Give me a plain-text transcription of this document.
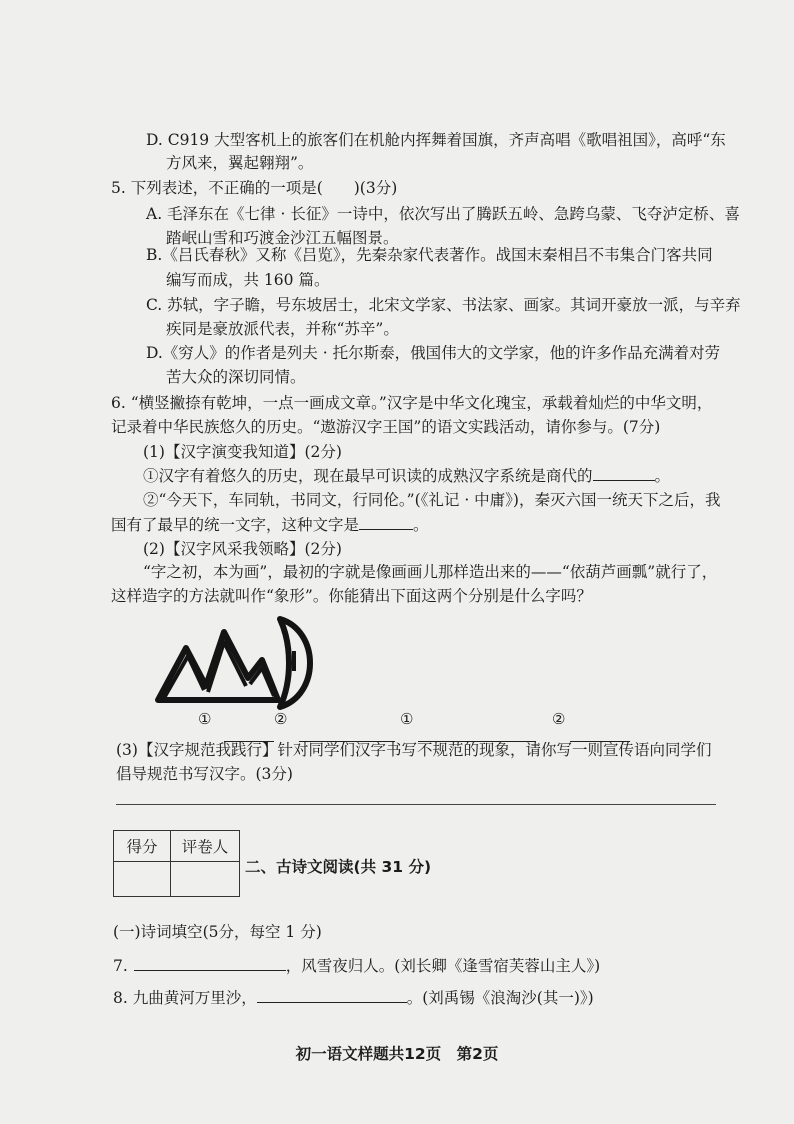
D. C919 大型客机上的旅客们在机舱内挥舞着国旗，齐声高唱《歌唱祖国》，高呼“东
方风来，翼起翱翔”。
5. 下列表述，不正确的一项是(　　)(3分)
A. 毛泽东在《七律 · 长征》一诗中，依次写出了腾跃五岭、急跨乌蒙、飞夺泸定桥、喜
踏岷山雪和巧渡金沙江五幅图景。
B.《吕氏春秋》又称《吕览》，先秦杂家代表著作。战国末秦相吕不韦集合门客共同
编写而成，共 160 篇。
C. 苏轼，字子瞻，号东坡居士，北宋文学家、书法家、画家。其词开豪放一派，与辛弃
疾同是豪放派代表，并称“苏辛”。
D.《穷人》的作者是列夫 · 托尔斯泰，俄国伟大的文学家，他的许多作品充满着对劳
苦大众的深切同情。
6. “横竖撇捺有乾坤，一点一画成文章。”汉字是中华文化瑰宝，承载着灿烂的中华文明，
记录着中华民族悠久的历史。“遨游汉字王国”的语文实践活动，请你参与。(7分)
(1)【汉字演变我知道】(2分)
①汉字有着悠久的历史，现在最早可识读的成熟汉字系统是商代的	。
②“今天下，车同轨，书同文，行同伦。”(《礼记 · 中庸》)，秦灭六国一统天下之后，我
国有了最早的统一文字，这种文字是	。
(2)【汉字风采我领略】(2分)
“字之初，本为画”，最初的字就是像画画儿那样造出来的——“依葫芦画瓢”就行了，
这样造字的方法就叫作“象形”。你能猜出下面这两个分别是什么字吗？
①	②	①	②
(3)【汉字规范我践行】针对同学们汉字书写不规范的现象，请你写一则宣传语向同学们
倡导规范书写汉字。(3分)
得分	评卷人

二、古诗文阅读(共 31 分)
(一)诗词填空(5分，每空 1 分)
7.	，风雪夜归人。(刘长卿《逢雪宿芙蓉山主人》)
8. 九曲黄河万里沙，	。(刘禹锡《浪淘沙(其一)》)
初一语文样题共12页　第2页
